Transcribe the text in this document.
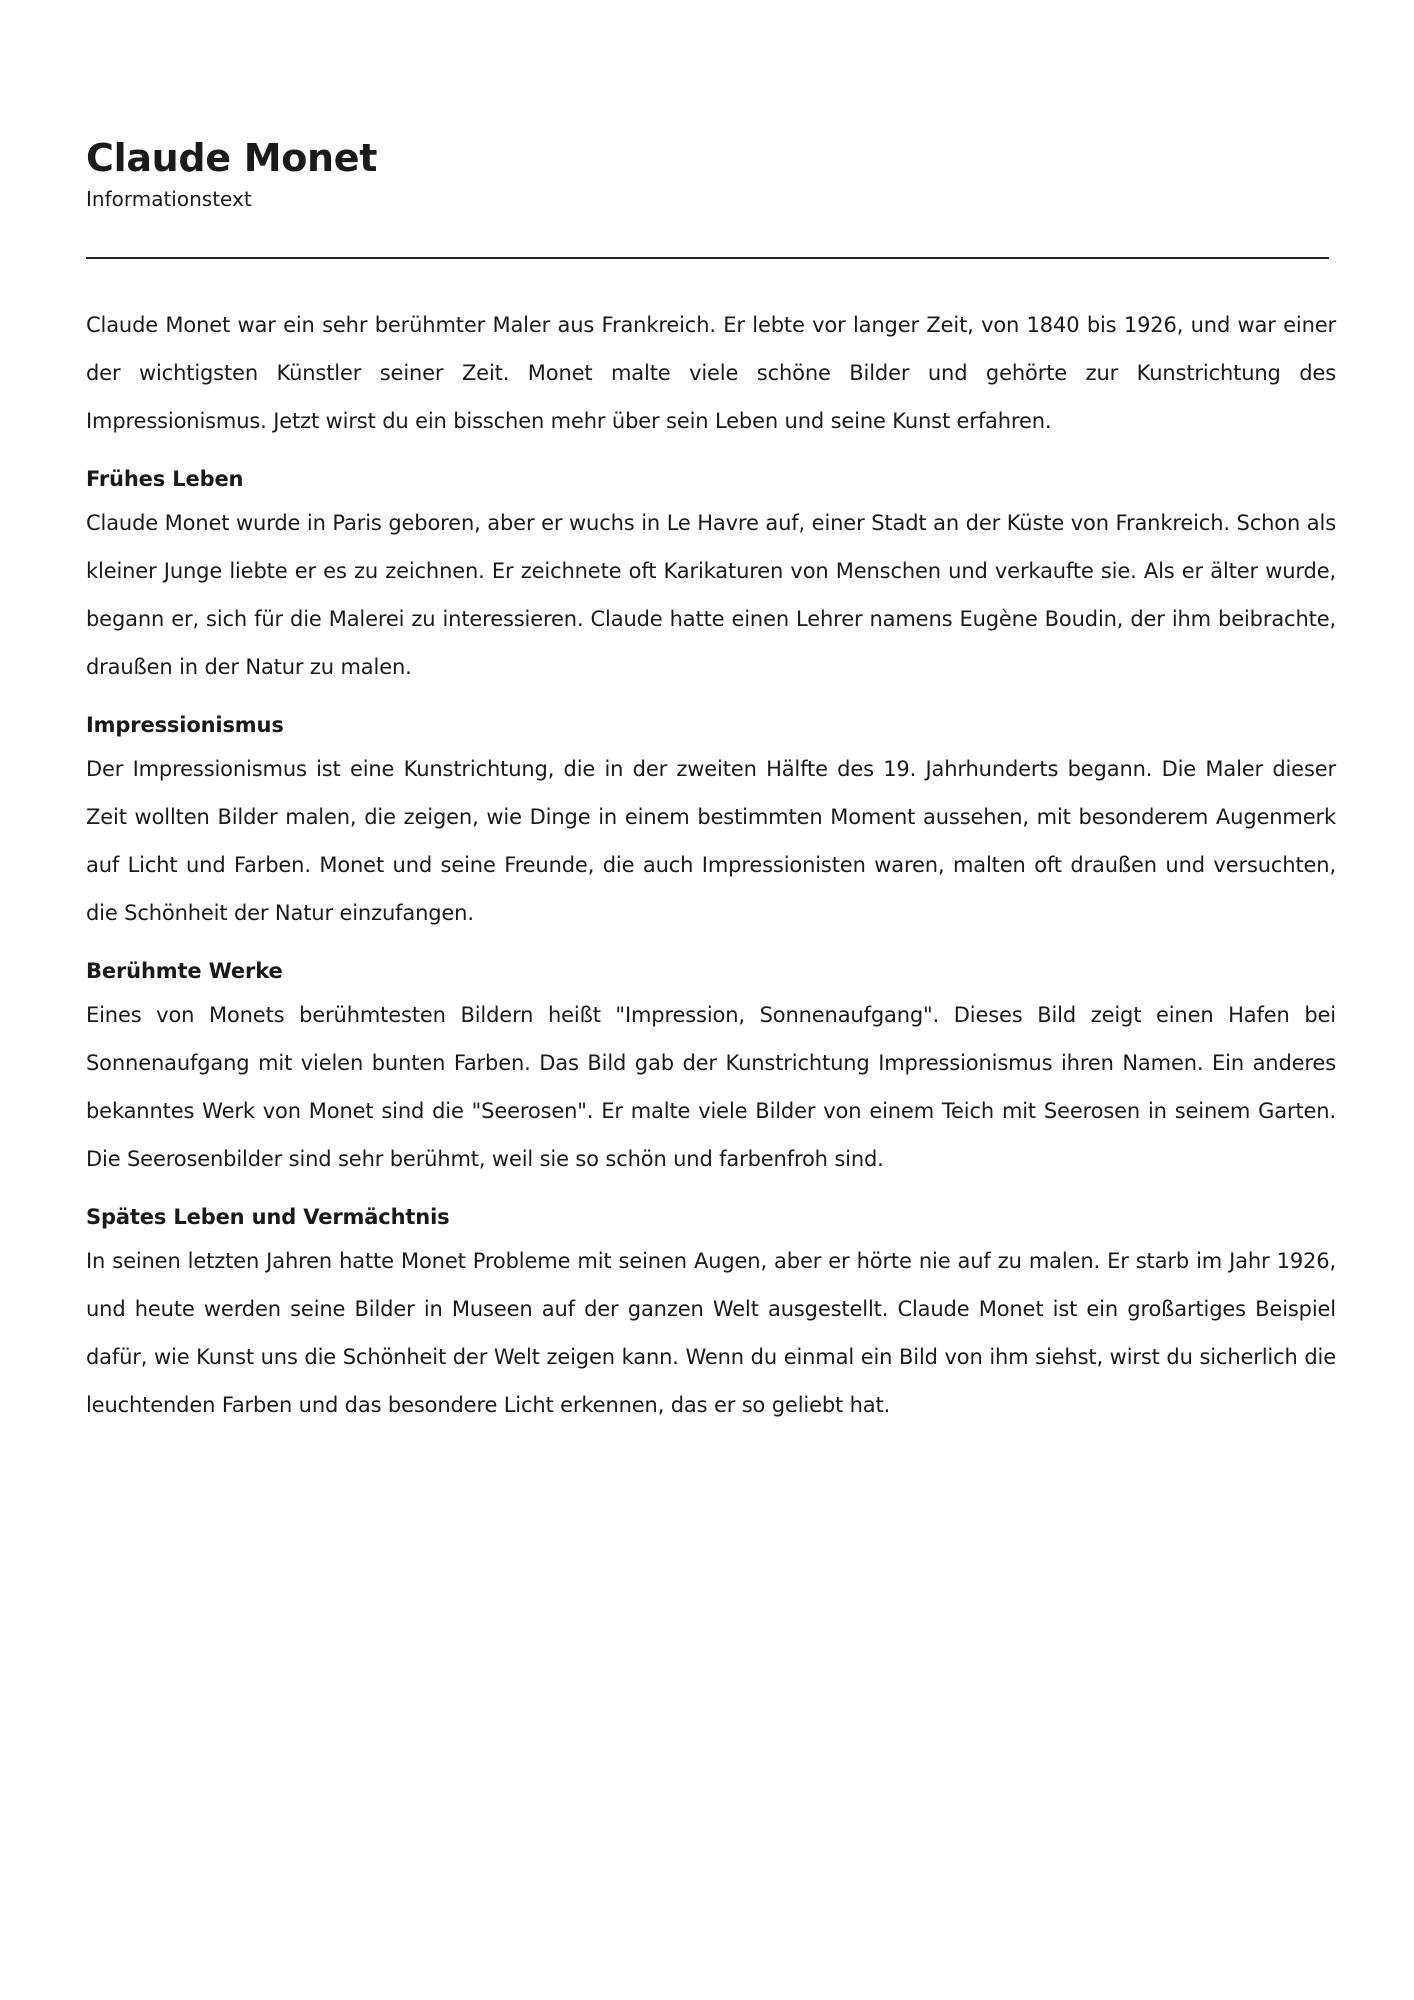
Claude Monet

Informationstext

Claude Monet war ein sehr berühmter Maler aus Frankreich. Er lebte vor langer Zeit, von 1840 bis 1926, und war einer der wichtigsten Künstler seiner Zeit. Monet malte viele schöne Bilder und gehörte zur Kunstrichtung des Impressionismus. Jetzt wirst du ein bisschen mehr über sein Leben und seine Kunst erfahren.

Frühes Leben

Claude Monet wurde in Paris geboren, aber er wuchs in Le Havre auf, einer Stadt an der Küste von Frankreich. Schon als kleiner Junge liebte er es zu zeichnen. Er zeichnete oft Karikaturen von Menschen und verkaufte sie. Als er älter wurde, begann er, sich für die Malerei zu interessieren. Claude hatte einen Lehrer namens Eugène Boudin, der ihm beibrachte, draußen in der Natur zu malen.

Impressionismus

Der Impressionismus ist eine Kunstrichtung, die in der zweiten Hälfte des 19. Jahrhunderts begann. Die Maler dieser Zeit wollten Bilder malen, die zeigen, wie Dinge in einem bestimmten Moment aussehen, mit besonderem Augenmerk auf Licht und Farben. Monet und seine Freunde, die auch Impressionisten waren, malten oft draußen und versuchten, die Schönheit der Natur einzufangen.

Berühmte Werke

Eines von Monets berühmtesten Bildern heißt "Impression, Sonnenaufgang". Dieses Bild zeigt einen Hafen bei Sonnenaufgang mit vielen bunten Farben. Das Bild gab der Kunstrichtung Impressionismus ihren Namen. Ein anderes bekanntes Werk von Monet sind die "Seerosen". Er malte viele Bilder von einem Teich mit Seerosen in seinem Garten. Die Seerosenbilder sind sehr berühmt, weil sie so schön und farbenfroh sind.

Spätes Leben und Vermächtnis

In seinen letzten Jahren hatte Monet Probleme mit seinen Augen, aber er hörte nie auf zu malen. Er starb im Jahr 1926, und heute werden seine Bilder in Museen auf der ganzen Welt ausgestellt. Claude Monet ist ein großartiges Beispiel dafür, wie Kunst uns die Schönheit der Welt zeigen kann. Wenn du einmal ein Bild von ihm siehst, wirst du sicherlich die leuchtenden Farben und das besondere Licht erkennen, das er so geliebt hat.
